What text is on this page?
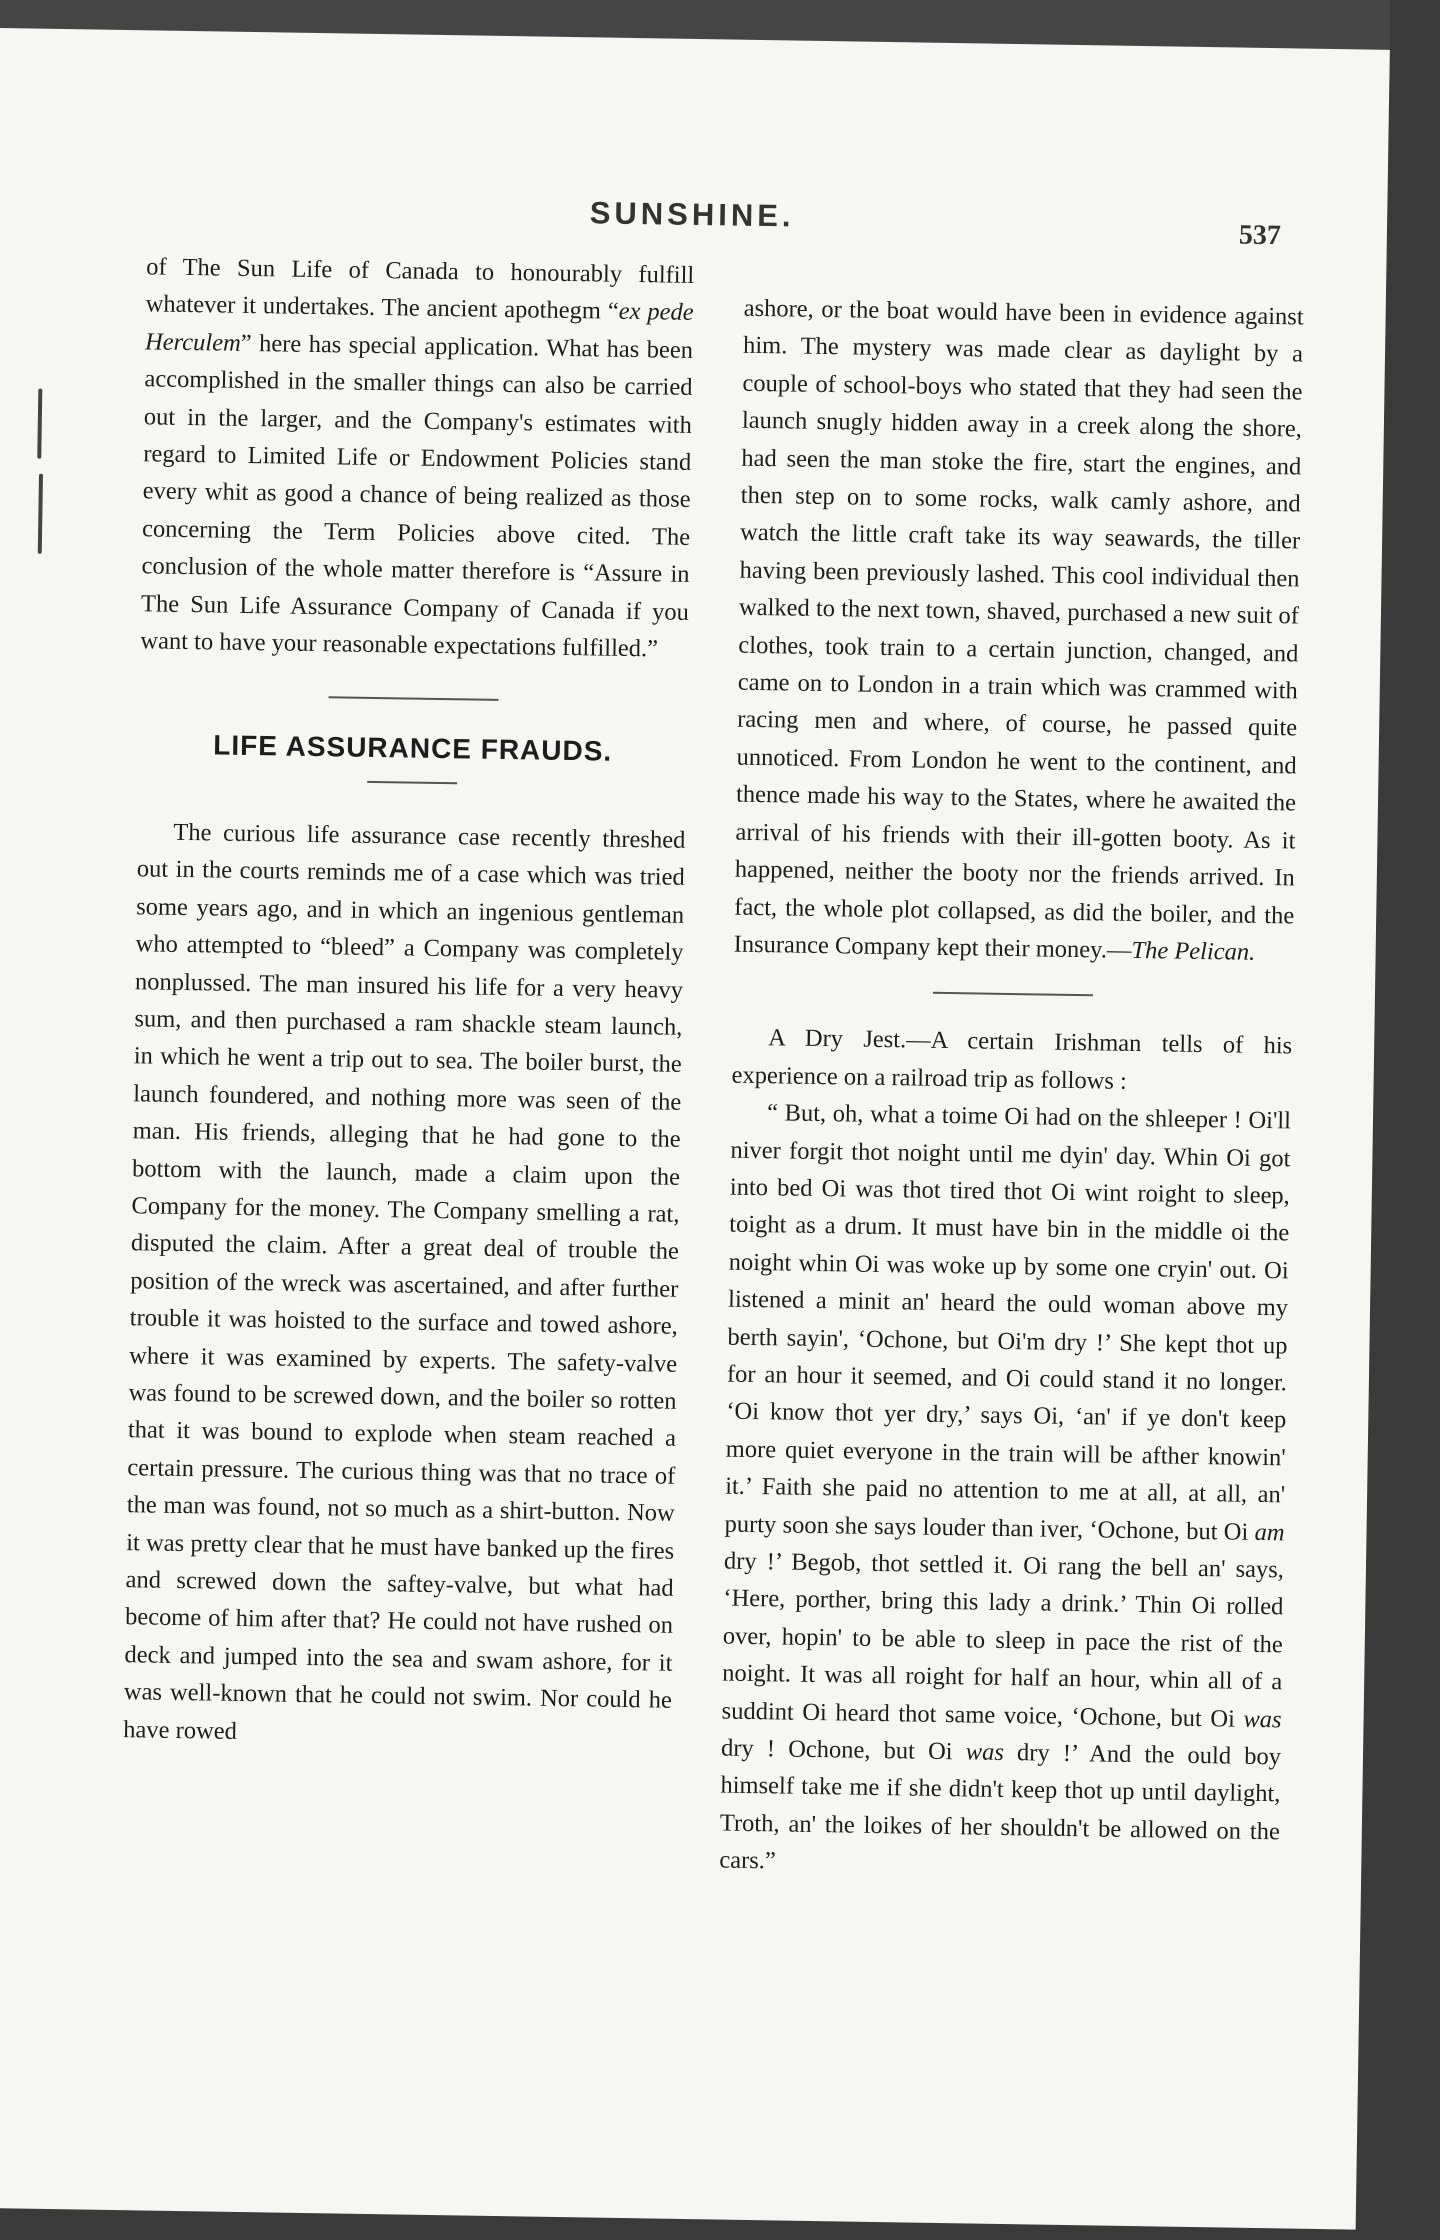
SUNSHINE.
537

of The Sun Life of Canada to honourably fulfill whatever it undertakes. The ancient apothegm “ex pede Herculem” here has special application. What has been accomplished in the smaller things can also be carried out in the larger, and the Company's estimates with regard to Limited Life or Endowment Policies stand every whit as good a chance of being realized as those concerning the Term Policies above cited. The conclusion of the whole matter therefore is “Assure in The Sun Life Assurance Company of Canada if you want to have your reasonable expectations fulfilled.”

LIFE ASSURANCE FRAUDS.

The curious life assurance case recently threshed out in the courts reminds me of a case which was tried some years ago, and in which an ingenious gentleman who attempted to “bleed” a Company was completely nonplussed. The man insured his life for a very heavy sum, and then purchased a ram shackle steam launch, in which he went a trip out to sea. The boiler burst, the launch foundered, and nothing more was seen of the man. His friends, alleging that he had gone to the bottom with the launch, made a claim upon the Company for the money. The Company smelling a rat, disputed the claim. After a great deal of trouble the position of the wreck was ascertained, and after further trouble it was hoisted to the surface and towed ashore, where it was examined by experts. The safety-valve was found to be screwed down, and the boiler so rotten that it was bound to explode when steam reached a certain pressure. The curious thing was that no trace of the man was found, not so much as a shirt-button. Now it was pretty clear that he must have banked up the fires and screwed down the saftey-valve, but what had become of him after that? He could not have rushed on deck and jumped into the sea and swam ashore, for it was well-known that he could not swim. Nor could he have rowed

ashore, or the boat would have been in evidence against him. The mystery was made clear as daylight by a couple of school-boys who stated that they had seen the launch snugly hidden away in a creek along the shore, had seen the man stoke the fire, start the engines, and then step on to some rocks, walk camly ashore, and watch the little craft take its way seawards, the tiller having been previously lashed. This cool individual then walked to the next town, shaved, purchased a new suit of clothes, took train to a certain junction, changed, and came on to London in a train which was crammed with racing men and where, of course, he passed quite unnoticed. From London he went to the continent, and thence made his way to the States, where he awaited the arrival of his friends with their ill-gotten booty. As it happened, neither the booty nor the friends arrived. In fact, the whole plot collapsed, as did the boiler, and the Insurance Company kept their money.—The Pelican.

A Dry Jest.—A certain Irishman tells of his experience on a railroad trip as follows :

“ But, oh, what a toime Oi had on the shleeper ! Oi'll niver forgit thot noight until me dyin' day. Whin Oi got into bed Oi was thot tired thot Oi wint roight to sleep, toight as a drum. It must have bin in the middle oi the noight whin Oi was woke up by some one cryin' out. Oi listened a minit an' heard the ould woman above my berth sayin', ‘Ochone, but Oi'm dry !’ She kept thot up for an hour it seemed, and Oi could stand it no longer. ‘Oi know thot yer dry,’ says Oi, ‘an' if ye don't keep more quiet everyone in the train will be afther knowin' it.’ Faith she paid no attention to me at all, at all, an' purty soon she says louder than iver, ‘Ochone, but Oi am dry !’ Begob, thot settled it. Oi rang the bell an' says, ‘Here, porther, bring this lady a drink.’ Thin Oi rolled over, hopin' to be able to sleep in pace the rist of the noight. It was all roight for half an hour, whin all of a suddint Oi heard thot same voice, ‘Ochone, but Oi was dry ! Ochone, but Oi was dry !’ And the ould boy himself take me if she didn't keep thot up until daylight, Troth, an' the loikes of her shouldn't be allowed on the cars.”
